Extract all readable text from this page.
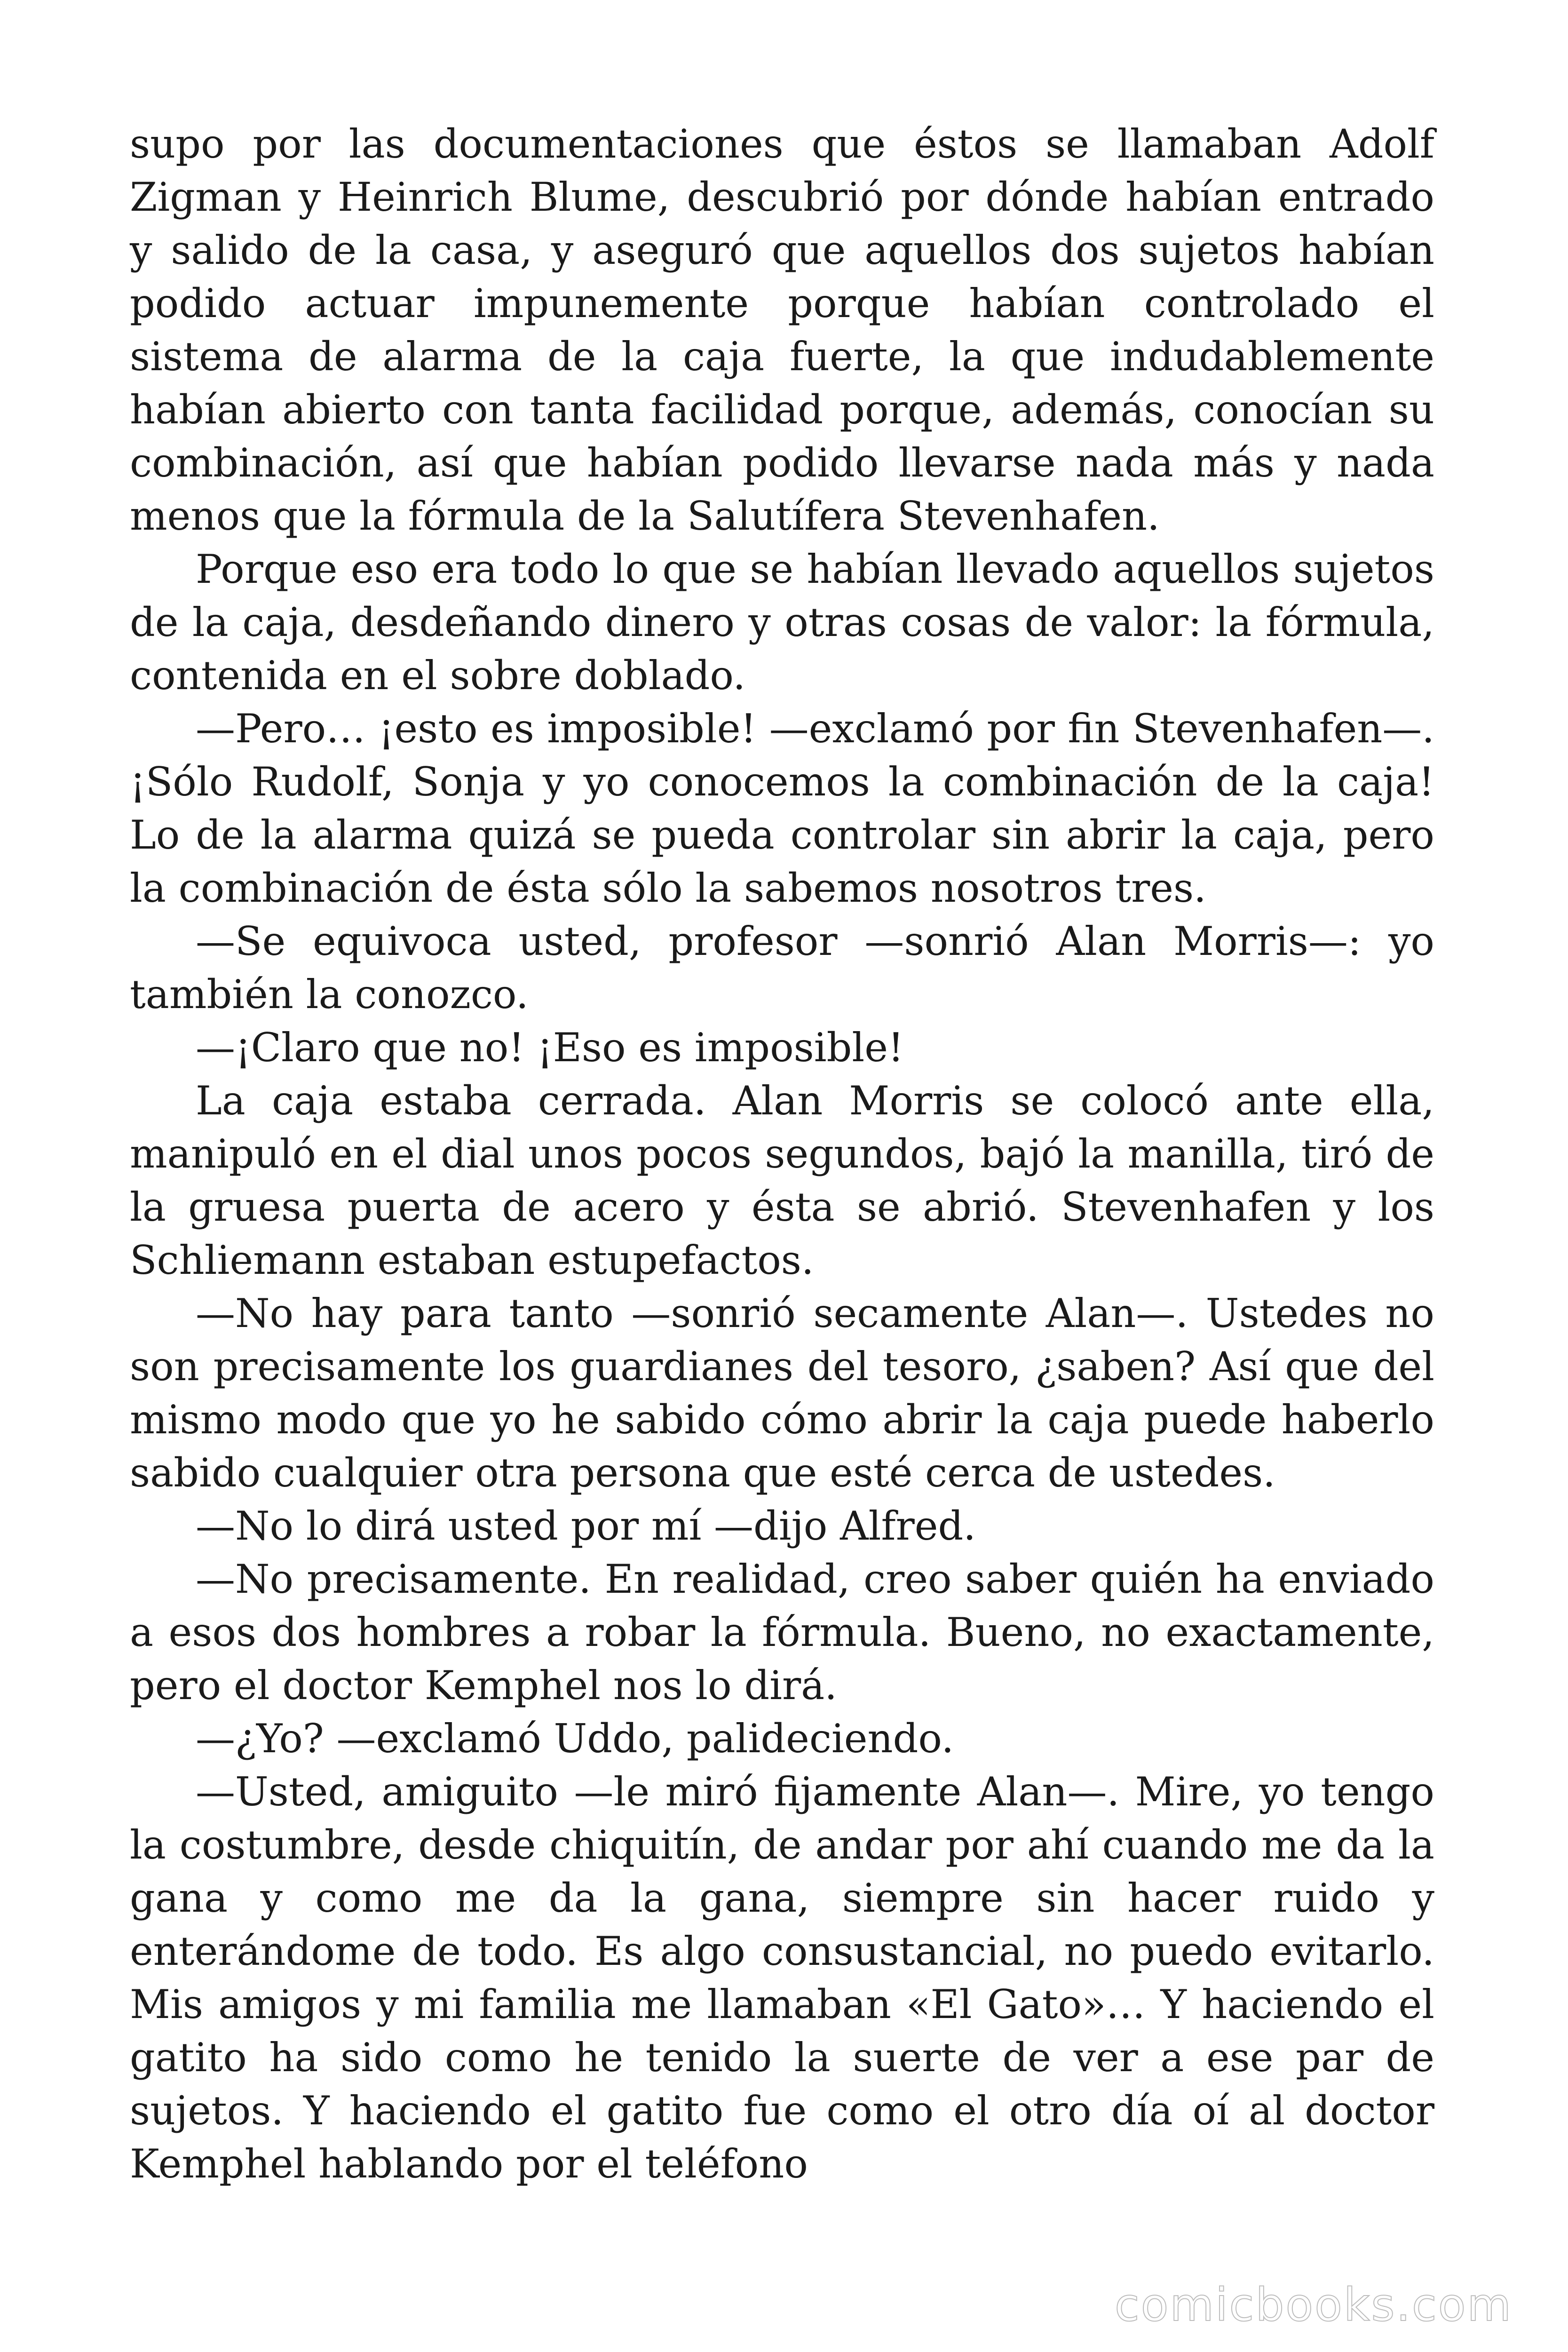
supo por las documentaciones que éstos se llamaban Adolf Zigman y Heinrich Blume, descubrió por dónde habían entrado y salido de la casa, y aseguró que aquellos dos sujetos habían podido actuar impunemente porque habían controlado el sistema de alarma de la caja fuerte, la que indudablemente habían abierto con tanta facilidad porque, además, conocían su combinación, así que habían podido llevarse nada más y nada menos que la fórmula de la Salutífera Stevenhafen.

Porque eso era todo lo que se habían llevado aquellos sujetos de la caja, desdeñando dinero y otras cosas de valor: la fórmula, contenida en el sobre doblado.

—Pero… ¡esto es imposible! —exclamó por fin Stevenhafen—. ¡Sólo Rudolf, Sonja y yo conocemos la combinación de la caja! Lo de la alarma quizá se pueda controlar sin abrir la caja, pero la combinación de ésta sólo la sabemos nosotros tres.

—Se equivoca usted, profesor —sonrió Alan Morris—: yo también la conozco.

—¡Claro que no! ¡Eso es imposible!

La caja estaba cerrada. Alan Morris se colocó ante ella, manipuló en el dial unos pocos segundos, bajó la manilla, tiró de la gruesa puerta de acero y ésta se abrió. Stevenhafen y los Schliemann estaban estupefactos.

—No hay para tanto —sonrió secamente Alan—. Ustedes no son precisamente los guardianes del tesoro, ¿saben? Así que del mismo modo que yo he sabido cómo abrir la caja puede haberlo sabido cualquier otra persona que esté cerca de ustedes.

—No lo dirá usted por mí —dijo Alfred.

—No precisamente. En realidad, creo saber quién ha enviado a esos dos hombres a robar la fórmula. Bueno, no exactamente, pero el doctor Kemphel nos lo dirá.

—¿Yo? —exclamó Uddo, palideciendo.

—Usted, amiguito —le miró fijamente Alan—. Mire, yo tengo la costumbre, desde chiquitín, de andar por ahí cuando me da la gana y como me da la gana, siempre sin hacer ruido y enterándome de todo. Es algo consustancial, no puedo evitarlo. Mis amigos y mi familia me llamaban «El Gato»… Y haciendo el gatito ha sido como he tenido la suerte de ver a ese par de sujetos. Y haciendo el gatito fue como el otro día oí al doctor Kemphel hablando por el teléfono

comicbooks.com
